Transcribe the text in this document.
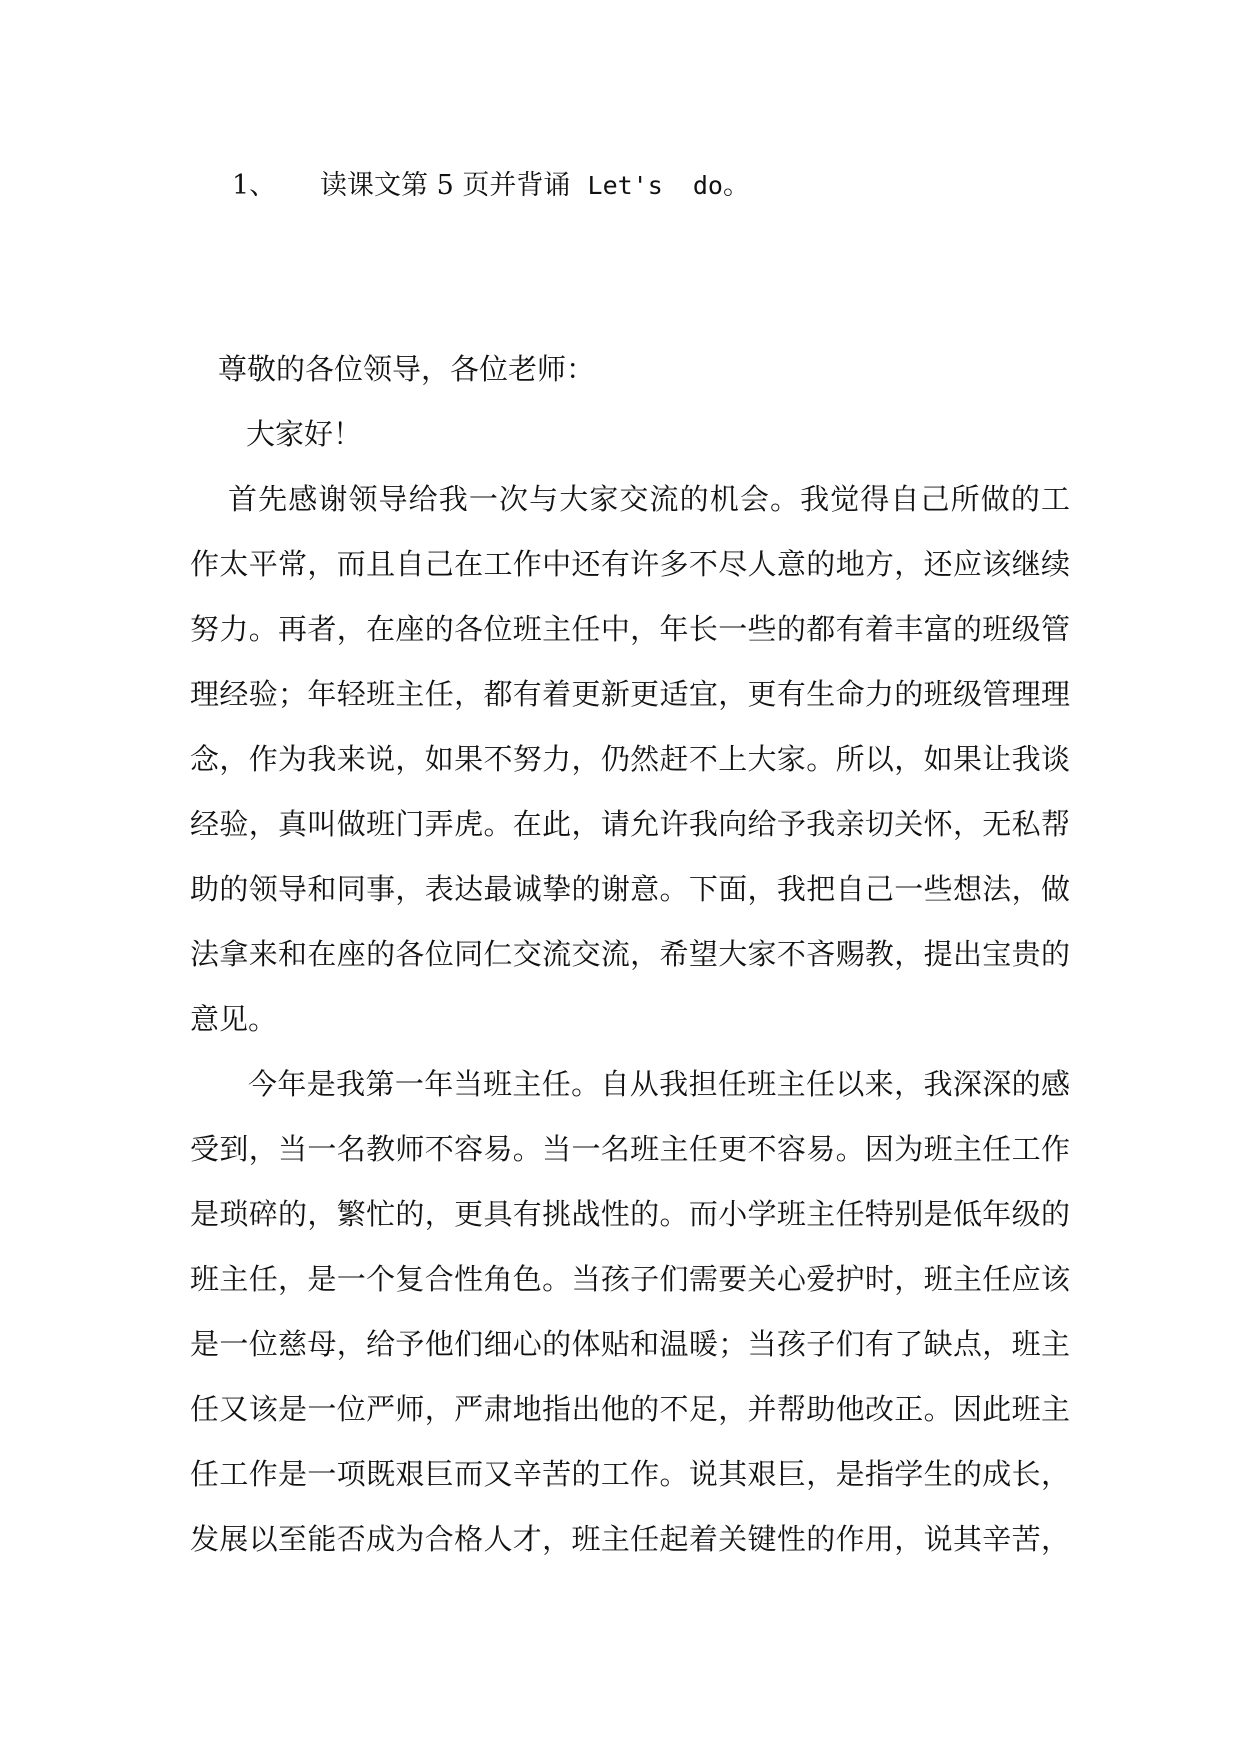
1、 读课文第 5 页并背诵 Let's  do。
尊敬的各位领导，各位老师：
大家好！
首先感谢领导给我一次与大家交流的机会。我觉得自己所做的工
作太平常，而且自己在工作中还有许多不尽人意的地方，还应该继续
努力。再者，在座的各位班主任中，年长一些的都有着丰富的班级管
理经验；年轻班主任，都有着更新更适宜，更有生命力的班级管理理
念，作为我来说，如果不努力，仍然赶不上大家。所以，如果让我谈
经验，真叫做班门弄虎。在此，请允许我向给予我亲切关怀，无私帮
助的领导和同事，表达最诚挚的谢意。下面，我把自己一些想法，做
法拿来和在座的各位同仁交流交流，希望大家不吝赐教，提出宝贵的
意见。
今年是我第一年当班主任。自从我担任班主任以来，我深深的感
受到，当一名教师不容易。当一名班主任更不容易。因为班主任工作
是琐碎的，繁忙的，更具有挑战性的。而小学班主任特别是低年级的
班主任，是一个复合性角色。当孩子们需要关心爱护时，班主任应该
是一位慈母，给予他们细心的体贴和温暖；当孩子们有了缺点，班主
任又该是一位严师，严肃地指出他的不足，并帮助他改正。因此班主
任工作是一项既艰巨而又辛苦的工作。说其艰巨，是指学生的成长，
发展以至能否成为合格人才，班主任起着关键性的作用，说其辛苦，
